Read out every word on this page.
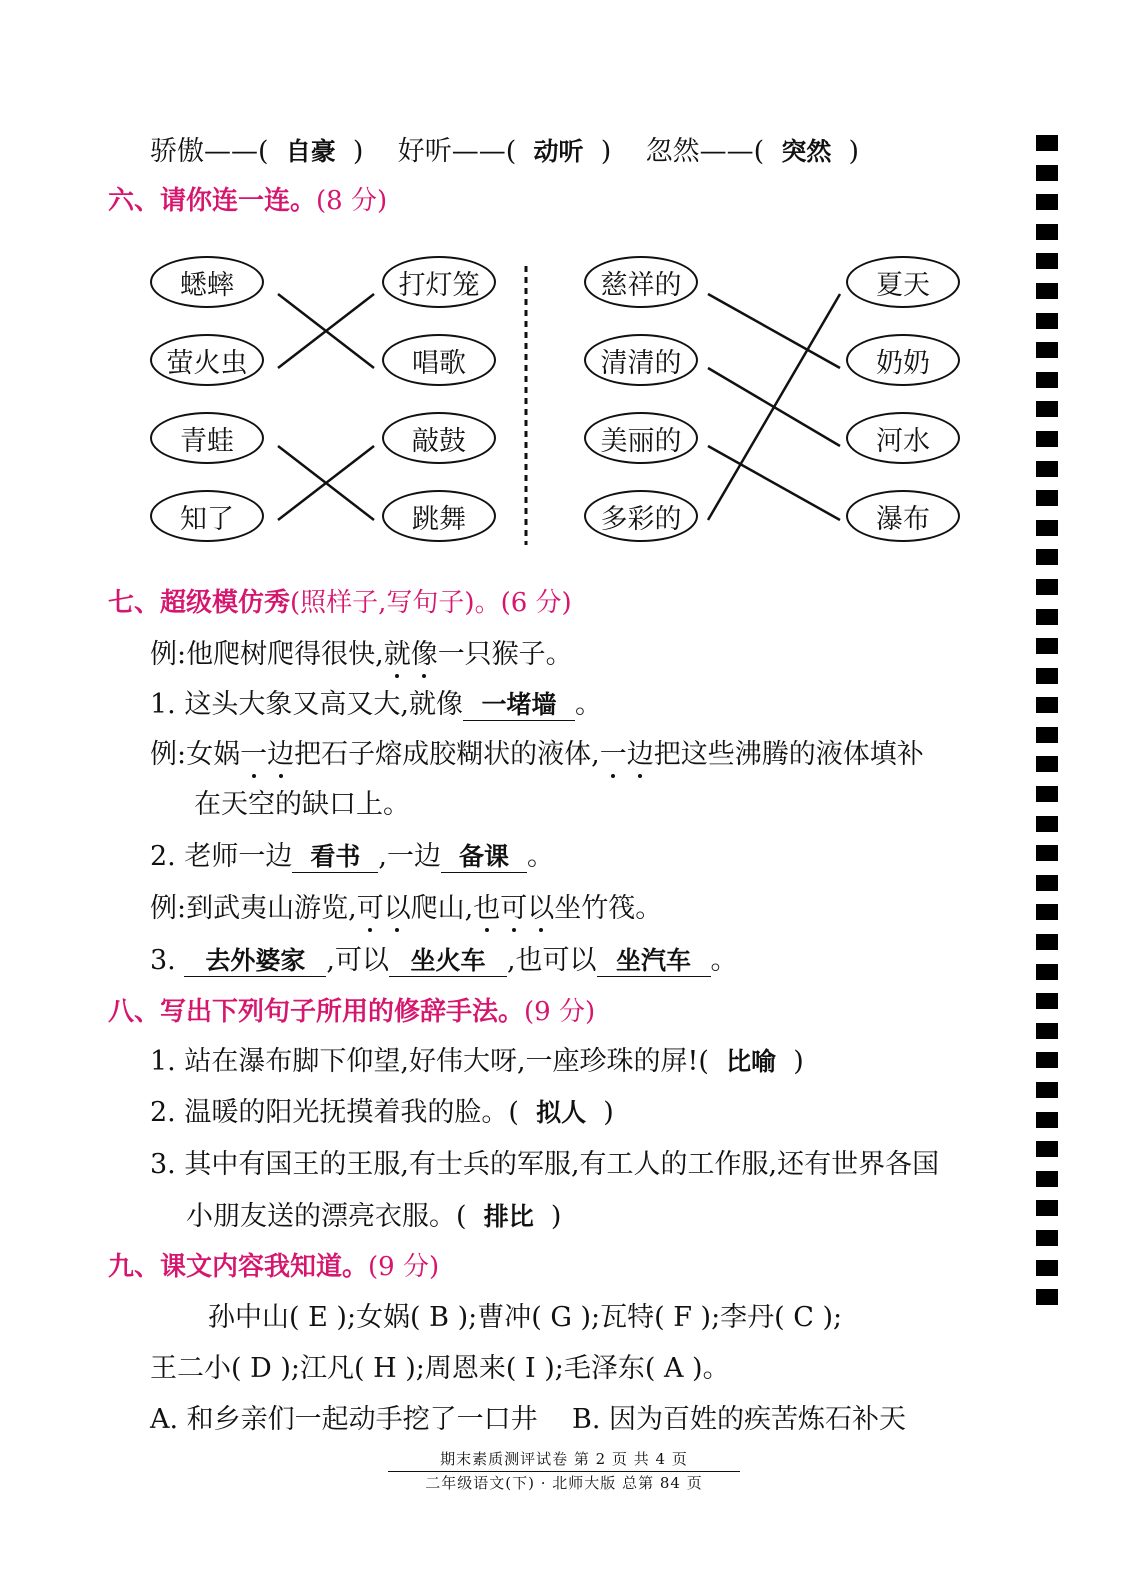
骄傲——( 自豪 ) 好听——( 动听 ) 忽然——( 突然 )
六、请你连一连。(8 分)
蟋蟀
萤火虫
青蛙
知了
打灯笼
唱歌
敲鼓
跳舞
慈祥的
清清的
美丽的
多彩的
夏天
奶奶
河水
瀑布
七、超级模仿秀(照样子,写句子)。(6 分)
例:他爬树爬得很快,就像一只猴子。
1. 这头大象又高又大,就像 一堵墙 。
例:女娲一边把石子熔成胶糊状的液体,一边把这些沸腾的液体填补
在天空的缺口上。
2. 老师一边 看书 ,一边 备课 。
例:到武夷山游览,可以爬山,也可以坐竹筏。
3. 去外婆家 ,可以 坐火车 ,也可以 坐汽车 。
八、写出下列句子所用的修辞手法。(9 分)
1. 站在瀑布脚下仰望,好伟大呀,一座珍珠的屏!( 比喻 )
2. 温暖的阳光抚摸着我的脸。( 拟人 )
3. 其中有国王的王服,有士兵的军服,有工人的工作服,还有世界各国
小朋友送的漂亮衣服。( 排比 )
九、课文内容我知道。(9 分)
孙中山( E );女娲( B );曹冲( G );瓦特( F );李丹( C );
王二小( D );江凡( H );周恩来( I );毛泽东( A )。
A. 和乡亲们一起动手挖了一口井 B. 因为百姓的疾苦炼石补天
期末素质测评试卷 第 2 页 共 4 页
二年级语文(下) · 北师大版 总第 84 页
